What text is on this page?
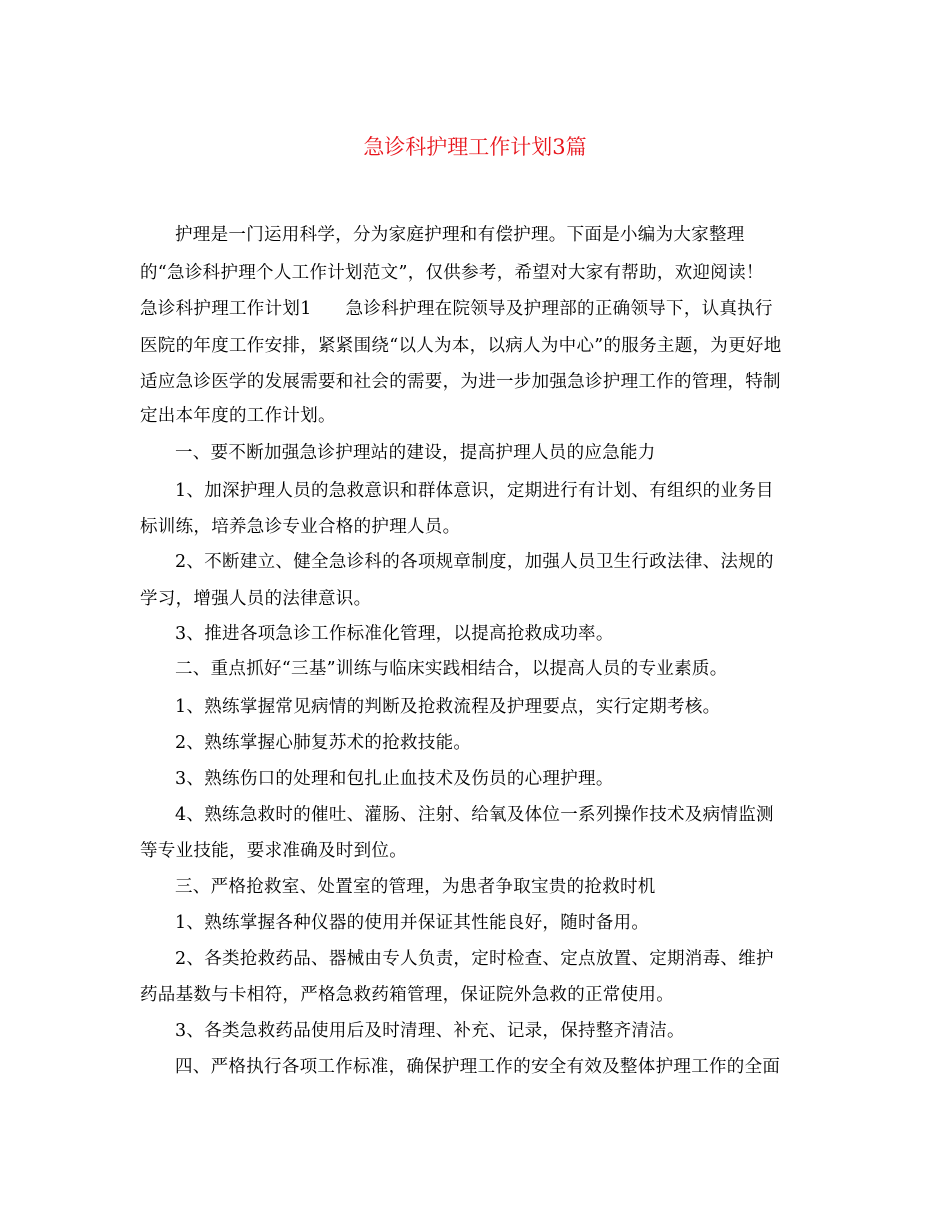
急诊科护理工作计划3篇
护理是一门运用科学，分为家庭护理和有偿护理。下面是小编为大家整理
的“急诊科护理个人工作计划范文”，仅供参考，希望对大家有帮助，欢迎阅读！
急诊科护理工作计划1 急诊科护理在院领导及护理部的正确领导下，认真执行
医院的年度工作安排，紧紧围绕“以人为本，以病人为中心”的服务主题，为更好地
适应急诊医学的发展需要和社会的需要，为进一步加强急诊护理工作的管理，特制
定出本年度的工作计划。
一、要不断加强急诊护理站的建设，提高护理人员的应急能力
1、加深护理人员的急救意识和群体意识，定期进行有计划、有组织的业务目
标训练，培养急诊专业合格的护理人员。
2、不断建立、健全急诊科的各项规章制度，加强人员卫生行政法律、法规的
学习，增强人员的法律意识。
3、推进各项急诊工作标准化管理，以提高抢救成功率。
二、重点抓好“三基”训练与临床实践相结合，以提高人员的专业素质。
1、熟练掌握常见病情的判断及抢救流程及护理要点，实行定期考核。
2、熟练掌握心肺复苏术的抢救技能。
3、熟练伤口的处理和包扎止血技术及伤员的心理护理。
4、熟练急救时的催吐、灌肠、注射、给氧及体位一系列操作技术及病情监测
等专业技能，要求准确及时到位。
三、严格抢救室、处置室的管理，为患者争取宝贵的抢救时机
1、熟练掌握各种仪器的使用并保证其性能良好，随时备用。
2、各类抢救药品、器械由专人负责，定时检查、定点放置、定期消毒、维护
药品基数与卡相符，严格急救药箱管理，保证院外急救的正常使用。
3、各类急救药品使用后及时清理、补充、记录，保持整齐清洁。
四、严格执行各项工作标准，确保护理工作的安全有效及整体护理工作的全面
